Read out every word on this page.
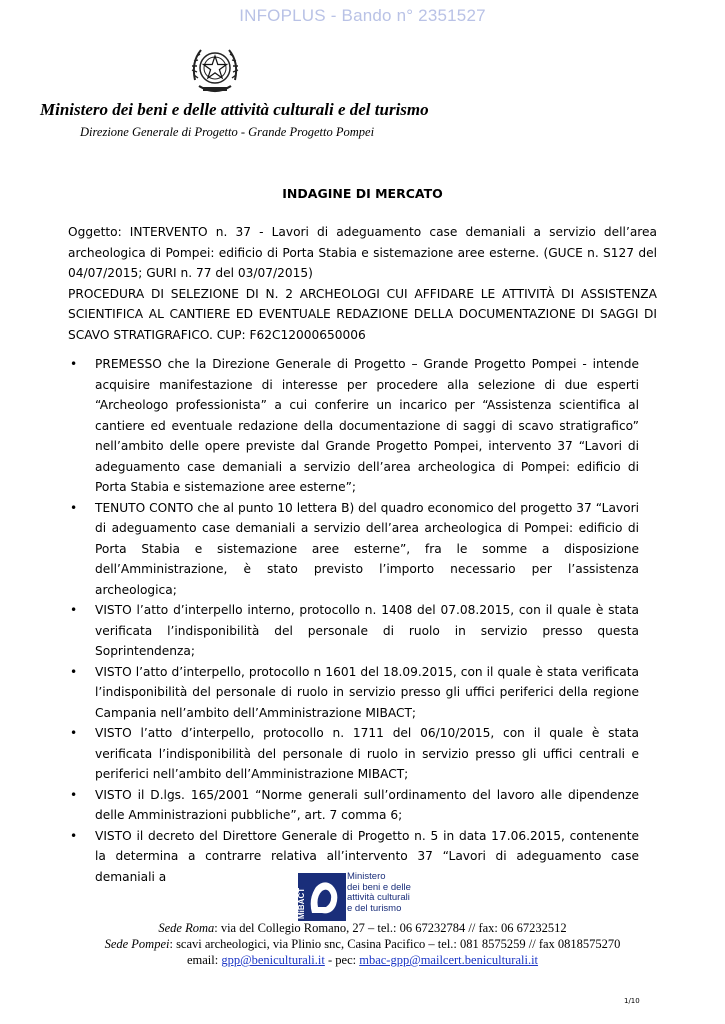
INFOPLUS - Bando n° 2351527
Ministero dei beni e delle attività culturali e del turismo
Direzione Generale di Progetto - Grande Progetto Pompei
INDAGINE DI MERCATO

Oggetto: INTERVENTO n. 37 - Lavori di adeguamento case demaniali a servizio dell’area archeologica di Pompei: edificio di Porta Stabia e sistemazione aree esterne. (GUCE n. S127 del 04/07/2015; GURI n. 77 del 03/07/2015)

PROCEDURA DI SELEZIONE DI N. 2 ARCHEOLOGI CUI AFFIDARE LE ATTIVITÀ DI ASSISTENZA SCIENTIFICA AL CANTIERE ED EVENTUALE REDAZIONE DELLA DOCUMENTAZIONE DI SAGGI DI SCAVO STRATIGRAFICO. CUP: F62C12000650006

• PREMESSO che la Direzione Generale di Progetto – Grande Progetto Pompei - intende acquisire manifestazione di interesse per procedere alla selezione di due esperti “Archeologo professionista” a cui conferire un incarico per “Assistenza scientifica al cantiere ed eventuale redazione della documentazione di saggi di scavo stratigrafico” nell’ambito delle opere previste dal Grande Progetto Pompei, intervento 37 “Lavori di adeguamento case demaniali a servizio dell’area archeologica di Pompei: edificio di Porta Stabia e sistemazione aree esterne”;
• TENUTO CONTO che al punto 10 lettera B) del quadro economico del progetto 37 “Lavori di adeguamento case demaniali a servizio dell’area archeologica di Pompei: edificio di Porta Stabia e sistemazione aree esterne”, fra le somme a disposizione dell’Amministrazione, è stato previsto l’importo necessario per l’assistenza archeologica;
• VISTO l’atto d’interpello interno, protocollo n. 1408 del 07.08.2015, con il quale è stata verificata l’indisponibilità del personale di ruolo in servizio presso questa Soprintendenza;
• VISTO l’atto d’interpello, protocollo n 1601 del 18.09.2015, con il quale è stata verificata l’indisponibilità del personale di ruolo in servizio presso gli uffici periferici della regione Campania nell’ambito dell’Amministrazione MIBACT;
• VISTO l’atto d’interpello, protocollo n. 1711 del 06/10/2015, con il quale è stata verificata l’indisponibilità del personale di ruolo in servizio presso gli uffici centrali e periferici nell’ambito dell’Amministrazione MIBACT;
• VISTO il D.lgs. 165/2001 “Norme generali sull’ordinamento del lavoro alle dipendenze delle Amministrazioni pubbliche”, art. 7 comma 6;
• VISTO il decreto del Direttore Generale di Progetto n. 5 in data 17.06.2015, contenente la determina a contrarre relativa all’intervento 37 “Lavori di adeguamento case demaniali a
MiBACT
Ministero
dei beni e delle
attività culturali
e del turismo
Sede Roma: via del Collegio Romano, 27 – tel.: 06 67232784 // fax: 06 67232512
Sede Pompei: scavi archeologici, via Plinio snc, Casina Pacifico – tel.: 081 8575259 // fax 0818575270
email: gpp@beniculturali.it - pec: mbac-gpp@mailcert.beniculturali.it
1/10
